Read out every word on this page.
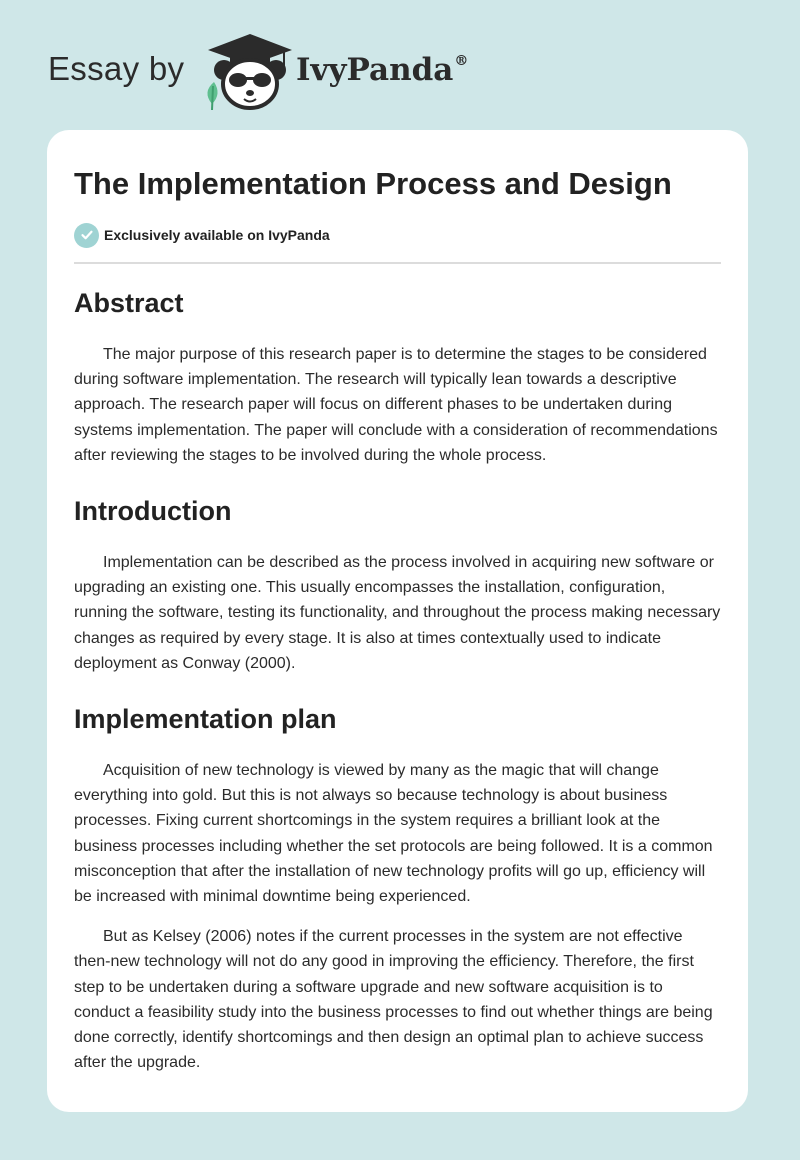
Essay by	IvyPanda®
The Implementation Process and Design
Exclusively available on IvyPanda
Abstract

The major purpose of this research paper is to determine the stages to be considered during software implementation. The research will typically lean towards a descriptive approach. The research paper will focus on different phases to be undertaken during systems implementation. The paper will conclude with a consideration of recommendations after reviewing the stages to be involved during the whole process.

Introduction

Implementation can be described as the process involved in acquiring new software or upgrading an existing one. This usually encompasses the installation, configuration, running the software, testing its functionality, and throughout the process making necessary changes as required by every stage. It is also at times contextually used to indicate deployment as Conway (2000).

Implementation plan

Acquisition of new technology is viewed by many as the magic that will change everything into gold. But this is not always so because technology is about business processes. Fixing current shortcomings in the system requires a brilliant look at the business processes including whether the set protocols are being followed. It is a common misconception that after the installation of new technology profits will go up, efficiency will be increased with minimal downtime being experienced.

But as Kelsey (2006) notes if the current processes in the system are not effective then-new technology will not do any good in improving the efficiency. Therefore, the first step to be undertaken during a software upgrade and new software acquisition is to conduct a feasibility study into the business processes to find out whether things are being done correctly, identify shortcomings and then design an optimal plan to achieve success after the upgrade.
